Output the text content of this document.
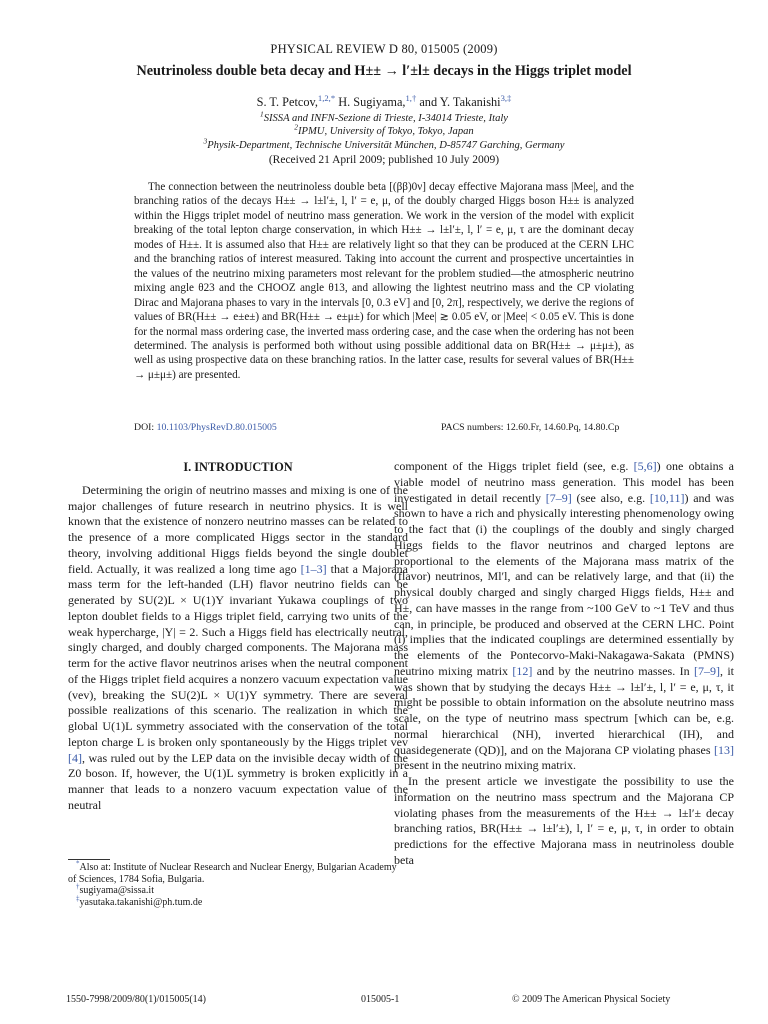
PHYSICAL REVIEW D 80, 015005 (2009)
Neutrinoless double beta decay and H±± → l′±l± decays in the Higgs triplet model
S. T. Petcov,$^{1,2,*}$ H. Sugiyama,$^{1,\dagger}$ and Y. Takanishi$^{3,\ddagger}$
$^1$SISSA and INFN-Sezione di Trieste, I-34014 Trieste, Italy
$^2$IPMU, University of Tokyo, Tokyo, Japan
$^3$Physik-Department, Technische Universität München, D-85747 Garching, Germany
(Received 21 April 2009; published 10 July 2009)

The connection between the neutrinoless double beta [(ββ)0ν] decay effective Majorana mass |Mee|, and the branching ratios of the decays H±± → l±l′±, l, l′ = e, μ, of the doubly charged Higgs boson H±± is analyzed within the Higgs triplet model of neutrino mass generation. We work in the version of the model with explicit breaking of the total lepton charge conservation, in which H±± → l±l′±, l, l′ = e, μ, τ are the dominant decay modes of H±±. It is assumed also that H±± are relatively light so that they can be produced at the CERN LHC and the branching ratios of interest measured. Taking into account the current and prospective uncertainties in the values of the neutrino mixing parameters most relevant for the problem studied—the atmospheric neutrino mixing angle θ23 and the CHOOZ angle θ13, and allowing the lightest neutrino mass and the CP violating Dirac and Majorana phases to vary in the intervals [0, 0.3 eV] and [0, 2π], respectively, we derive the regions of values of BR(H±± → e±e±) and BR(H±± → e±μ±) for which |Mee| ≳ 0.05 eV, or |Mee| < 0.05 eV. This is done for the normal mass ordering case, the inverted mass ordering case, and the case when the ordering has not been determined. The analysis is performed both without using possible additional data on BR(H±± → μ±μ±), as well as using prospective data on these branching ratios. In the latter case, results for several values of BR(H±± → μ±μ±) are presented.

DOI: 10.1103/PhysRevD.80.015005	PACS numbers: 12.60.Fr, 14.60.Pq, 14.80.Cp
I. INTRODUCTION

Determining the origin of neutrino masses and mixing is one of the major challenges of future research in neutrino physics. It is well known that the existence of nonzero neutrino masses can be related to the presence of a more complicated Higgs sector in the standard theory, involving additional Higgs fields beyond the single doublet field. Actually, it was realized a long time ago [1–3] that a Majorana mass term for the left-handed (LH) flavor neutrino fields can be generated by SU(2)L × U(1)Y invariant Yukawa couplings of two lepton doublet fields to a Higgs triplet field, carrying two units of the weak hypercharge, |Y| = 2. Such a Higgs field has electrically neutral, singly charged, and doubly charged components. The Majorana mass term for the active flavor neutrinos arises when the neutral component of the Higgs triplet field acquires a nonzero vacuum expectation value (vev), breaking the SU(2)L × U(1)Y symmetry. There are several possible realizations of this scenario. The realization in which the global U(1)L symmetry associated with the conservation of the total lepton charge L is broken only spontaneously by the Higgs triplet vev [4], was ruled out by the LEP data on the invisible decay width of the Z0 boson. If, however, the U(1)L symmetry is broken explicitly in a manner that leads to a nonzero vacuum expectation value of the neutral

component of the Higgs triplet field (see, e.g. [5,6]) one obtains a viable model of neutrino mass generation. This model has been investigated in detail recently [7–9] (see also, e.g. [10,11]) and was shown to have a rich and physically interesting phenomenology owing to the fact that (i) the couplings of the doubly and singly charged Higgs fields to the flavor neutrinos and charged leptons are proportional to the elements of the Majorana mass matrix of the (flavor) neutrinos, Ml′l, and can be relatively large, and that (ii) the physical doubly charged and singly charged Higgs fields, H±± and H±, can have masses in the range from ~100 GeV to ~1 TeV and thus can, in principle, be produced and observed at the CERN LHC. Point (i) implies that the indicated couplings are determined essentially by the elements of the Pontecorvo-Maki-Nakagawa-Sakata (PMNS) neutrino mixing matrix [12] and by the neutrino masses. In [7–9], it was shown that by studying the decays H±± → l±l′±, l, l′ = e, μ, τ, it might be possible to obtain information on the absolute neutrino mass scale, on the type of neutrino mass spectrum [which can be, e.g. normal hierarchical (NH), inverted hierarchical (IH), and quasidegenerate (QD)], and on the Majorana CP violating phases [13] present in the neutrino mixing matrix.

In the present article we investigate the possibility to use the information on the neutrino mass spectrum and the Majorana CP violating phases from the measurements of the H±± → l±l′± decay branching ratios, BR(H±± → l±l′±), l, l′ = e, μ, τ, in order to obtain predictions for the effective Majorana mass in neutrinoless double beta

*Also at: Institute of Nuclear Research and Nuclear Energy, Bulgarian Academy of Sciences, 1784 Sofia, Bulgaria.
†sugiyama@sissa.it
‡yasutaka.takanishi@ph.tum.de
1550-7998/2009/80(1)/015005(14)	015005-1	© 2009 The American Physical Society
